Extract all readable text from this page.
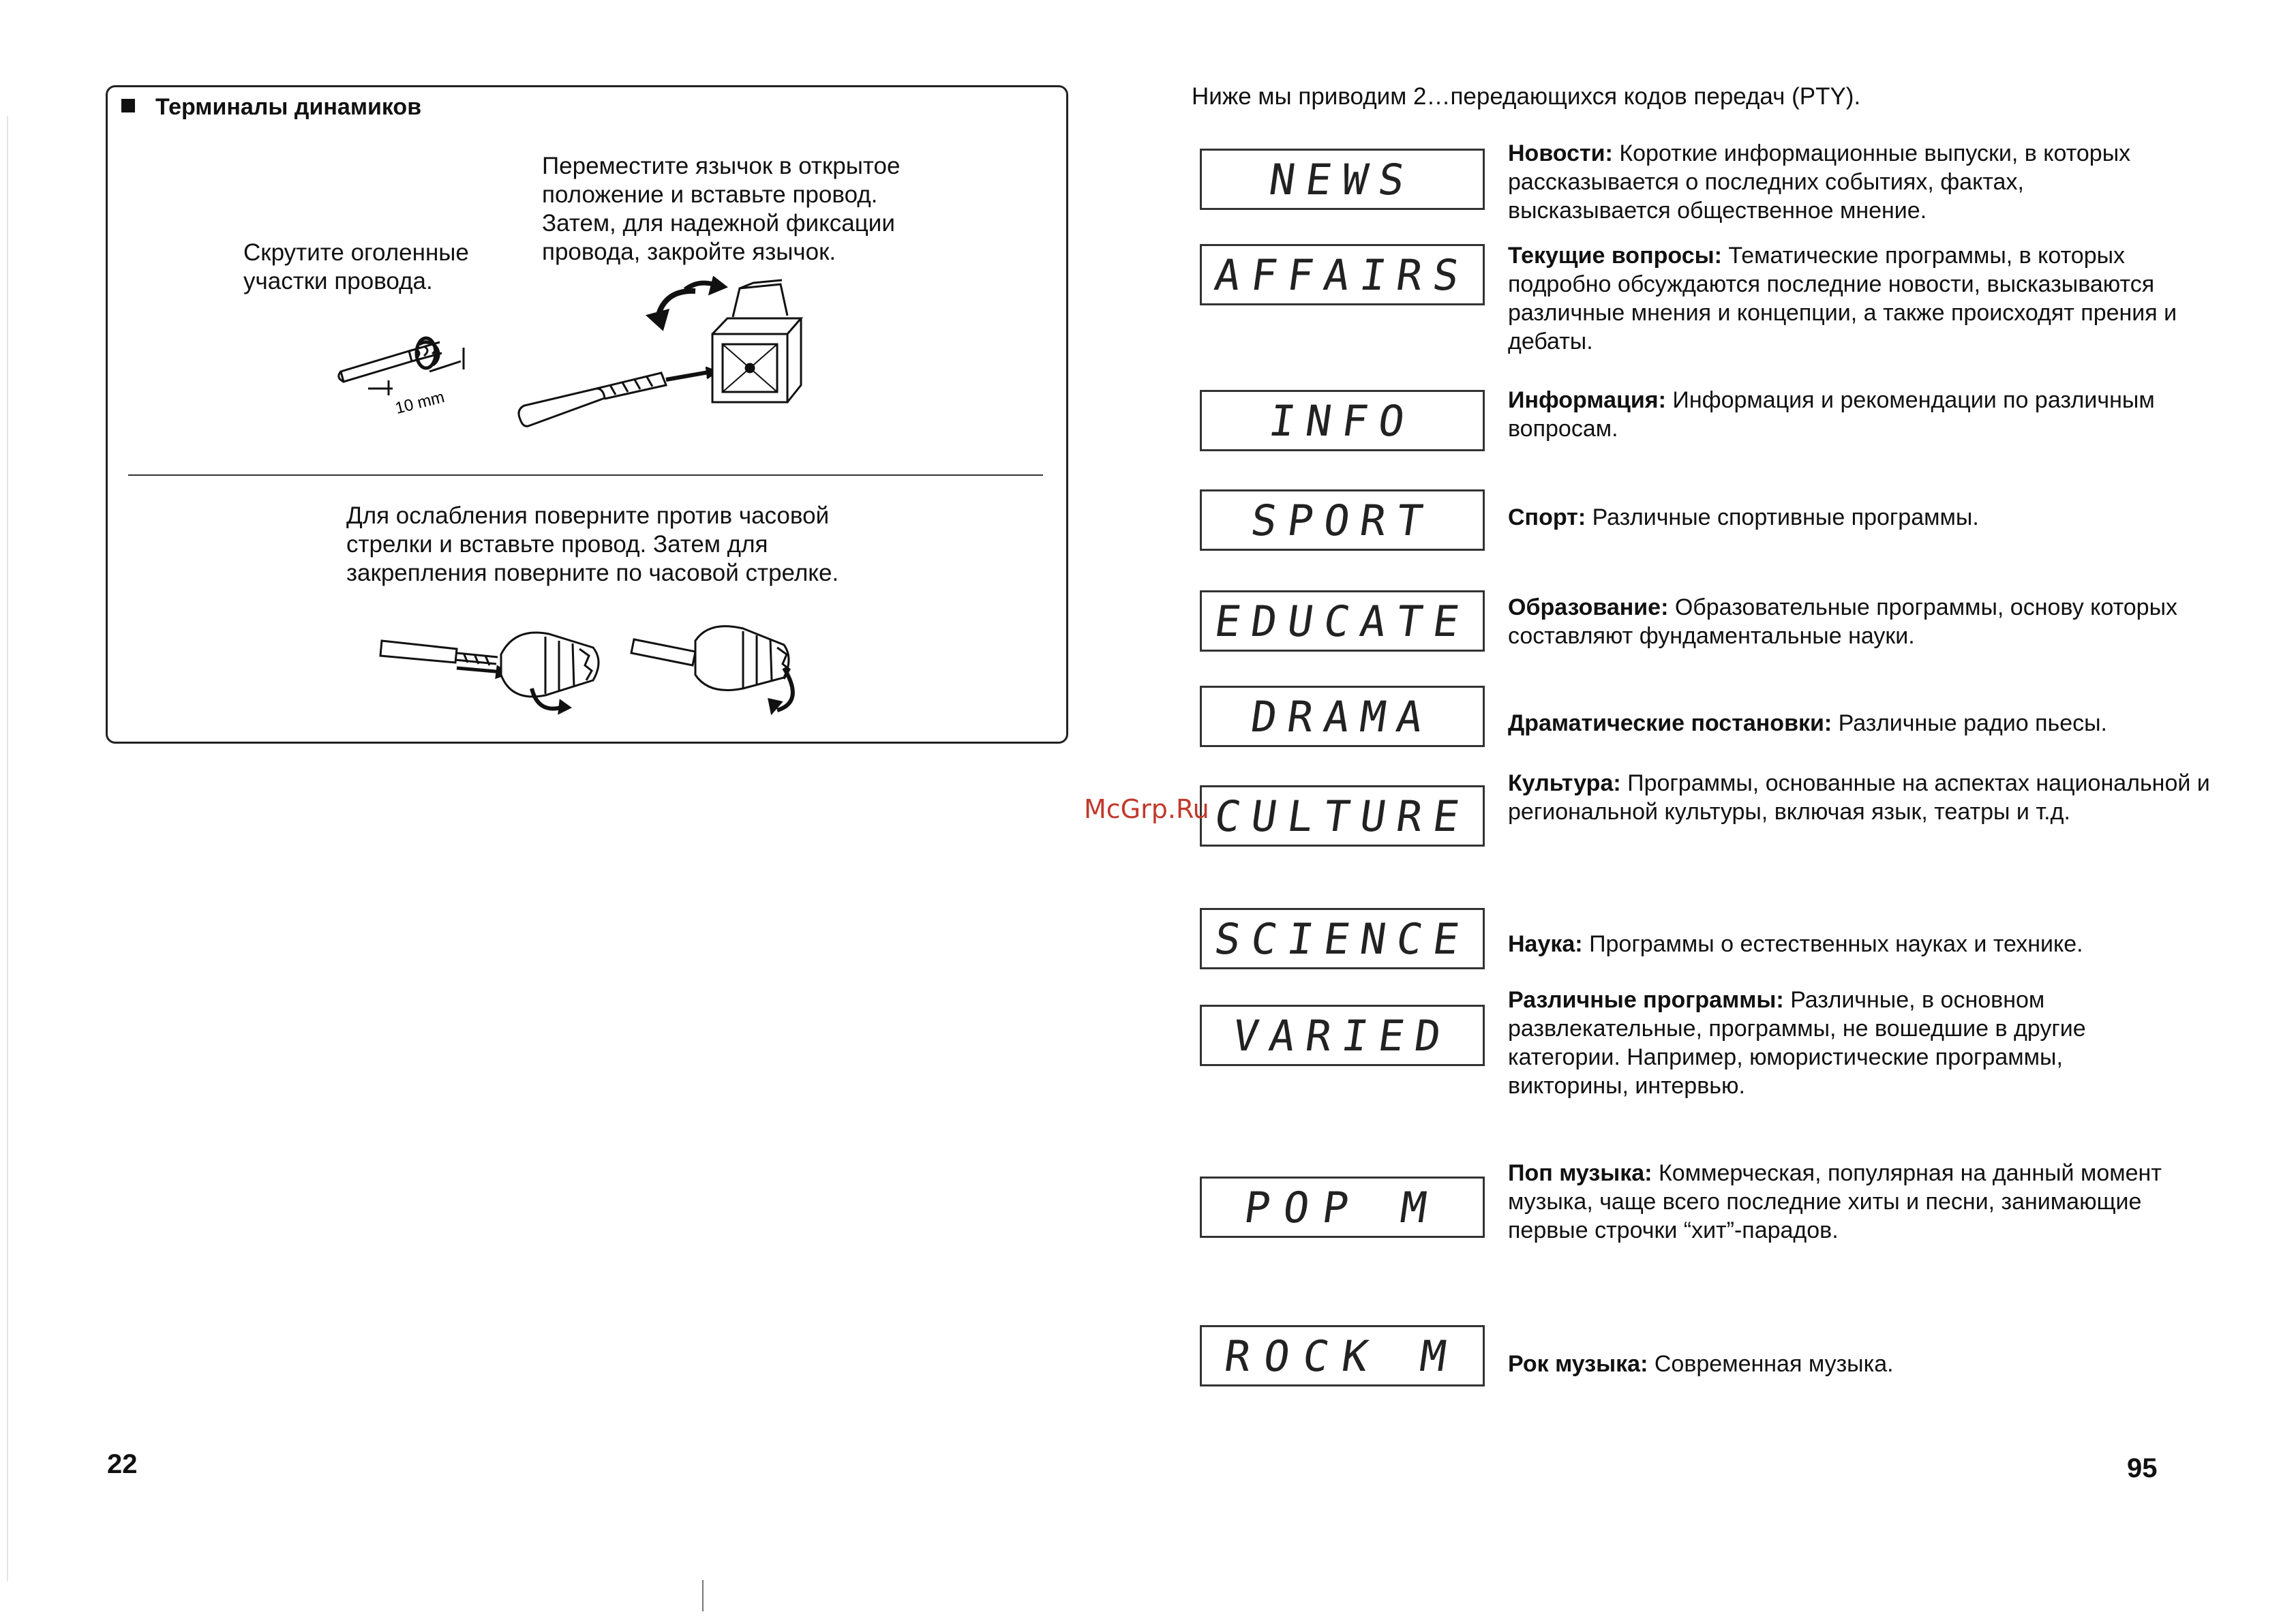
Терминалы динамиков
Скрутите оголенные
участки провода.
Переместите язычок в открытое
положение и вставьте провод.
Затем, для надежной фиксации
провода, закройте язычок.
10 mm
Для ослабления поверните против часовой
стрелки и вставьте провод. Затем для
закрепления поверните по часовой стрелке.
22
Ниже мы приводим 2…передающихся кодов передач (PTY).
NEWS
AFFAIRS
INFO
SPORT
EDUCATE
DRAMA
CULTURE
SCIENCE
VARIED
POP M
ROCK M
Новости: Короткие информационные выпуски, в которых рассказывается о последних событиях, фактах, высказывается общественное мнение.
Текущие вопросы: Тематические программы, в которых подробно обсуждаются последние новости, высказываются различные мнения и концепции, а также происходят прения и дебаты.
Информация: Информация и рекомендации по различным вопросам.
Спорт: Различные спортивные программы.
Образование: Образовательные программы, основу которых составляют фундаментальные науки.
Драматические постановки: Различные радио пьесы.
Культура: Программы, основанные на аспектах национальной и региональной культуры, включая язык, театры и т.д.
Наука: Программы о естественных науках и технике.
Различные программы: Различные, в основном развлекательные, программы, не вошедшие в другие категории. Например, юмористические программы, викторины, интервью.
Поп музыка: Коммерческая, популярная на данный момент музыка, чаще всего последние хиты и песни, занимающие первые строчки “хит”-парадов.
Рок музыка: Современная музыка.
McGrp.Ru
95
